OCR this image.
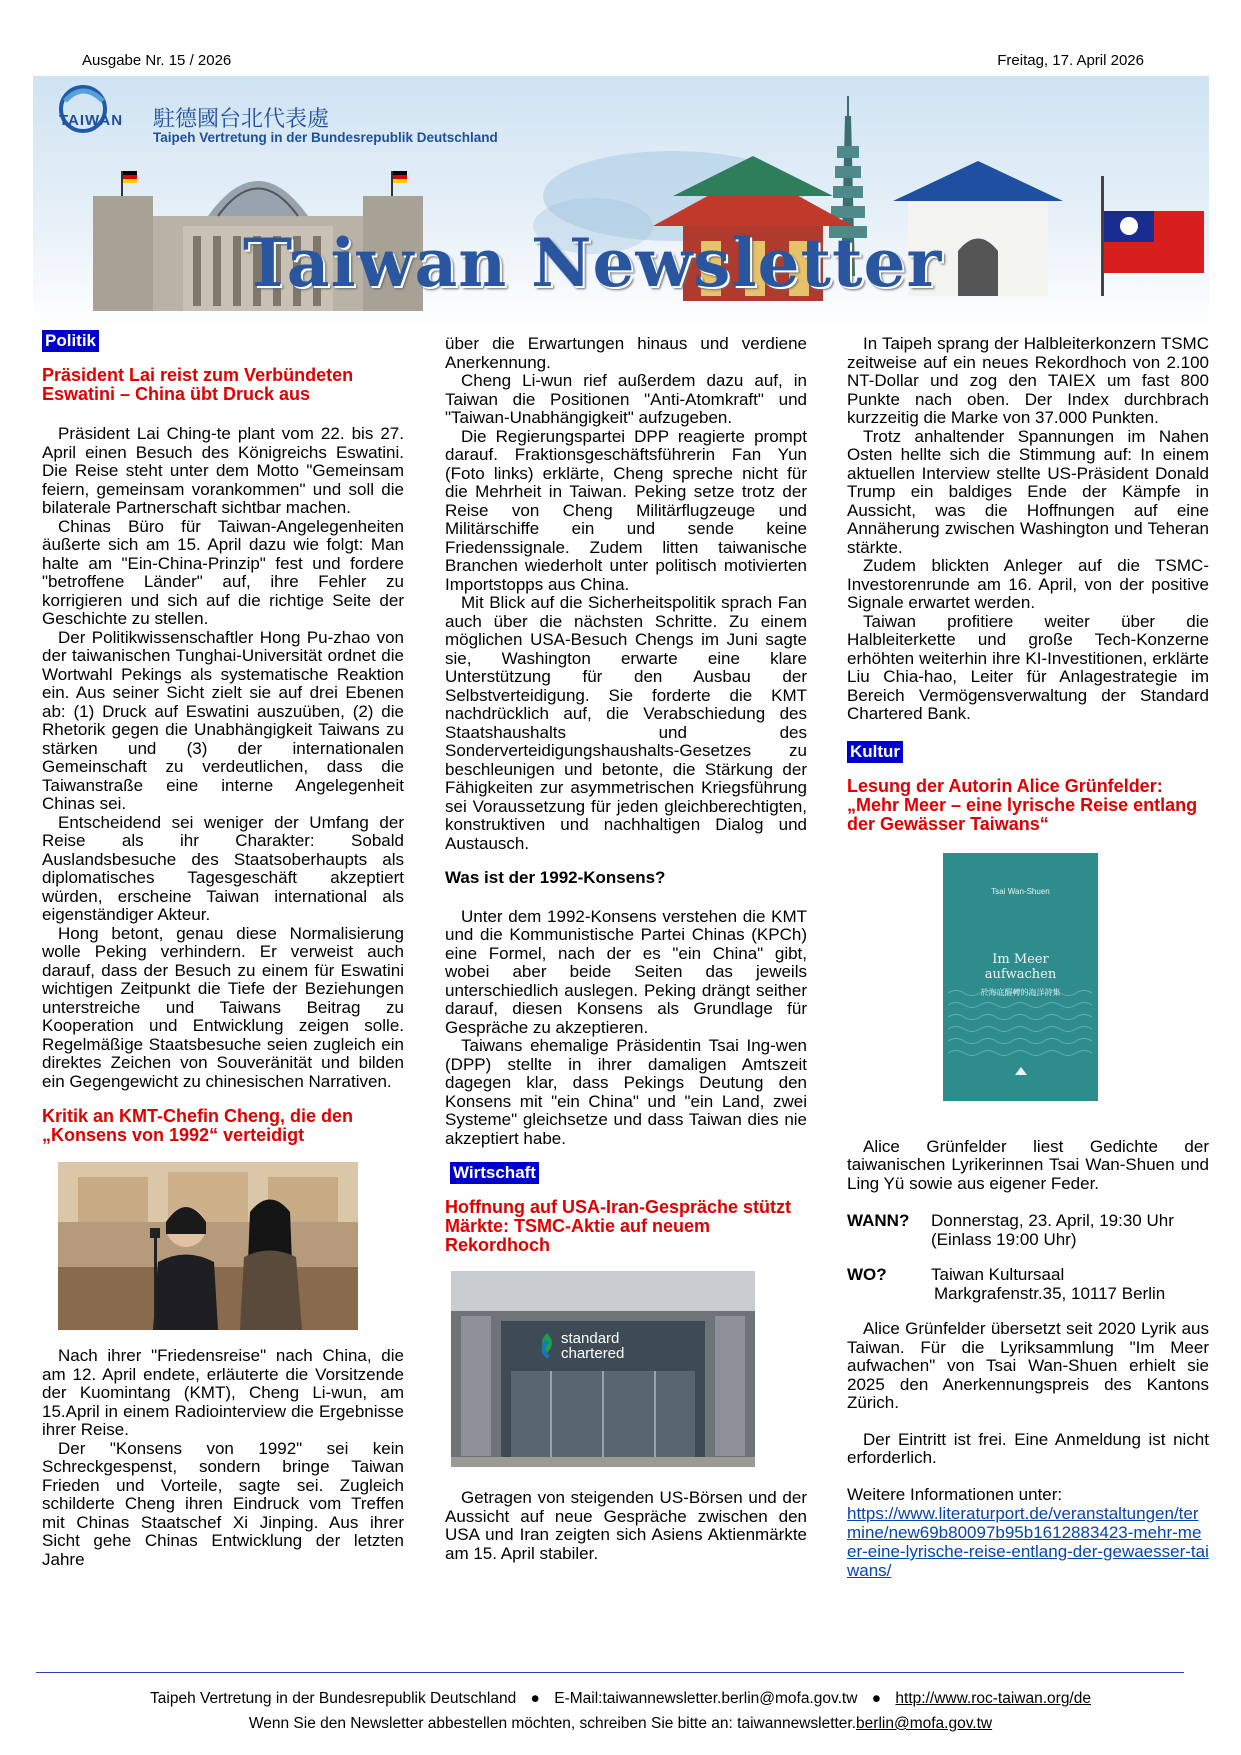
Ausgabe Nr. 15 / 2026	Freitag, 17. April 2026
TAIWAN 駐德國台北代表處
Taipeh Vertretung in der Bundesrepublik Deutschland
Taiwan Newsletter
Politik
Präsident Lai reist zum Verbündeten Eswatini – China übt Druck aus

Präsident Lai Ching-te plant vom 22. bis 27. April einen Besuch des Königreichs Eswatini. Die Reise steht unter dem Motto "Gemeinsam feiern, gemeinsam vorankommen" und soll die bilaterale Partnerschaft sichtbar machen.

Chinas Büro für Taiwan-Angelegenheiten äußerte sich am 15. April dazu wie folgt: Man halte am "Ein-China-Prinzip" fest und fordere "betroffene Länder" auf, ihre Fehler zu korrigieren und sich auf die richtige Seite der Geschichte zu stellen.

Der Politikwissenschaftler Hong Pu-zhao von der taiwanischen Tunghai-Universität ordnet die Wortwahl Pekings als systematische Reaktion ein. Aus seiner Sicht zielt sie auf drei Ebenen ab: (1) Druck auf Eswatini auszuüben, (2) die Rhetorik gegen die Unabhängigkeit Taiwans zu stärken und (3) der internationalen Gemeinschaft zu verdeutlichen, dass die Taiwanstraße eine interne Angelegenheit Chinas sei.

Entscheidend sei weniger der Umfang der Reise als ihr Charakter: Sobald Auslandsbesuche des Staatsoberhaupts als diplomatisches Tagesgeschäft akzeptiert würden, erscheine Taiwan international als eigenständiger Akteur.

Hong betont, genau diese Normalisierung wolle Peking verhindern. Er verweist auch darauf, dass der Besuch zu einem für Eswatini wichtigen Zeitpunkt die Tiefe der Beziehungen unterstreiche und Taiwans Beitrag zu Kooperation und Entwicklung zeigen solle. Regelmäßige Staatsbesuche seien zugleich ein direktes Zeichen von Souveränität und bilden ein Gegengewicht zu chinesischen Narrativen.

Kritik an KMT-Chefin Cheng, die den „Konsens von 1992“ verteidigt

Nach ihrer "Friedensreise" nach China, die am 12. April endete, erläuterte die Vorsitzende der Kuomintang (KMT), Cheng Li-wun, am 15.April in einem Radiointerview die Ergebnisse ihrer Reise.

Der "Konsens von 1992" sei kein Schreckgespenst, sondern bringe Taiwan Frieden und Vorteile, sagte sei. Zugleich schilderte Cheng ihren Eindruck vom Treffen mit Chinas Staatschef Xi Jinping. Aus ihrer Sicht gehe Chinas Entwicklung der letzten Jahre

über die Erwartungen hinaus und verdiene Anerkennung.

Cheng Li-wun rief außerdem dazu auf, in Taiwan die Positionen "Anti-Atomkraft" und "Taiwan-Unabhängigkeit" aufzugeben.

Die Regierungspartei DPP reagierte prompt darauf. Fraktionsgeschäftsführerin Fan Yun (Foto links) erklärte, Cheng spreche nicht für die Mehrheit in Taiwan. Peking setze trotz der Reise von Cheng Militärflugzeuge und Militärschiffe ein und sende keine Friedenssignale. Zudem litten taiwanische Branchen wiederholt unter politisch motivierten Importstopps aus China.

Mit Blick auf die Sicherheitspolitik sprach Fan auch über die nächsten Schritte. Zu einem möglichen USA-Besuch Chengs im Juni sagte sie, Washington erwarte eine klare Unterstützung für den Ausbau der Selbstverteidigung. Sie forderte die KMT nachdrücklich auf, die Verabschiedung des Staatshaushalts und des Sonderverteidigungshaushalts-Gesetzes zu beschleunigen und betonte, die Stärkung der Fähigkeiten zur asymmetrischen Kriegsführung sei Voraussetzung für jeden gleichberechtigten, konstruktiven und nachhaltigen Dialog und Austausch.

Was ist der 1992-Konsens?

Unter dem 1992-Konsens verstehen die KMT und die Kommunistische Partei Chinas (KPCh) eine Formel, nach der es "ein China" gibt, wobei aber beide Seiten das jeweils unterschiedlich auslegen. Peking drängt seither darauf, diesen Konsens als Grundlage für Gespräche zu akzeptieren.

Taiwans ehemalige Präsidentin Tsai Ing-wen (DPP) stellte in ihrer damaligen Amtszeit dagegen klar, dass Pekings Deutung den Konsens mit "ein China" und "ein Land, zwei Systeme" gleichsetze und dass Taiwan dies nie akzeptiert habe.

Wirtschaft
Hoffnung auf USA-Iran-Gespräche stützt Märkte: TSMC-Aktie auf neuem Rekordhoch
standard chartered

Getragen von steigenden US-Börsen und der Aussicht auf neue Gespräche zwischen den USA und Iran zeigten sich Asiens Aktienmärkte am 15. April stabiler.

In Taipeh sprang der Halbleiterkonzern TSMC zeitweise auf ein neues Rekordhoch von 2.100 NT-Dollar und zog den TAIEX um fast 800 Punkte nach oben. Der Index durchbrach kurzzeitig die Marke von 37.000 Punkten.

Trotz anhaltender Spannungen im Nahen Osten hellte sich die Stimmung auf: In einem aktuellen Interview stellte US-Präsident Donald Trump ein baldiges Ende der Kämpfe in Aussicht, was die Hoffnungen auf eine Annäherung zwischen Washington und Teheran stärkte.

Zudem blickten Anleger auf die TSMC-Investorenrunde am 16. April, von der positive Signale erwartet werden.

Taiwan profitiere weiter über die Halbleiterkette und große Tech-Konzerne erhöhten weiterhin ihre KI-Investitionen, erklärte Liu Chia-hao, Leiter für Anlagestrategie im Bereich Vermögensverwaltung der Standard Chartered Bank.

Kultur
Lesung der Autorin Alice Grünfelder: „Mehr Meer – eine lyrische Reise entlang der Gewässer Taiwans“
Tsai Wan-Shuen
Im Meer
aufwachen
於海底醒轉的海洋詩集

Alice Grünfelder liest Gedichte der taiwanischen Lyrikerinnen Tsai Wan-Shuen und Ling Yü sowie aus eigener Feder.

WANN?	Donnerstag, 23. April, 19:30 Uhr
(Einlass 19:00 Uhr)
WO?	Taiwan Kultursaal
Markgrafenstr.35, 10117 Berlin

Alice Grünfelder übersetzt seit 2020 Lyrik aus Taiwan. Für die Lyriksammlung "Im Meer aufwachen" von Tsai Wan-Shuen erhielt sie 2025 den Anerkennungspreis des Kantons Zürich.

Der Eintritt ist frei. Eine Anmeldung ist nicht erforderlich.

Weitere Informationen unter:
https://www.literaturport.de/veranstaltungen/termine/new69b80097b95b1612883423-mehr-meer-eine-lyrische-reise-entlang-der-gewaesser-taiwans/
Taipeh Vertretung in der Bundesrepublik Deutschland ● E-Mail:taiwannewsletter.berlin@mofa.gov.tw ● http://www.roc-taiwan.org/de
Wenn Sie den Newsletter abbestellen möchten, schreiben Sie bitte an: taiwannewsletter.berlin@mofa.gov.tw
